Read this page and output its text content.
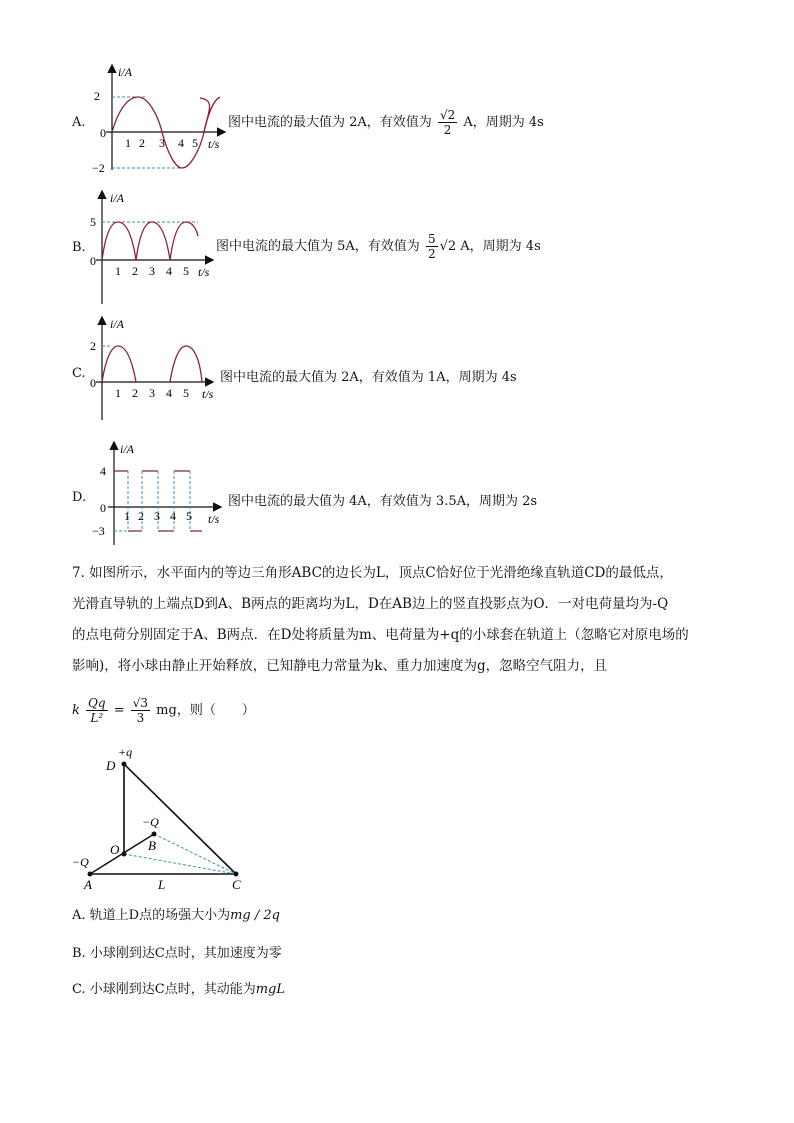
A.
2
0
−2
i/A
t/s
1 2 3 4 5
图中电流的最大值为 2A，有效值为 $\frac{√2}{2}$ A，周期为 4s
B.
5
0
i/A
t/s
1 2 3 4 5
图中电流的最大值为 5A，有效值为 $\frac{5}{2} √2$ A，周期为 4s
C.
2
0
i/A
t/s
1 2 3 4 5
图中电流的最大值为 2A，有效值为 1A，周期为 4s
D.
4
0
−3
i/A
t/s
1 2 3 4 5
图中电流的最大值为 4A，有效值为 3.5A，周期为 2s
7. 如图所示，水平面内的等边三角形ABC的边长为L，顶点C恰好位于光滑绝缘直轨道CD的最低点，
光滑直导轨的上端点D到A、B两点的距离均为L，D在AB边上的竖直投影点为O．一对电荷量均为-Q
的点电荷分别固定于A、B两点．在D处将质量为m、电荷量为+q的小球套在轨道上（忽略它对原电场的
影响)，将小球由静止开始释放，已知静电力常量为k、重力加速度为g，忽略空气阻力，且
k $\frac{Qq}{\text{L²}} = \frac{√3}{3}$ mg，则（　　）
D
+q
−Q
B
O
−Q
A	L	C
A. 轨道上D点的场强大小为mg / 2q
B. 小球刚到达C点时，其加速度为零
C. 小球刚到达C点时，其动能为mgL
